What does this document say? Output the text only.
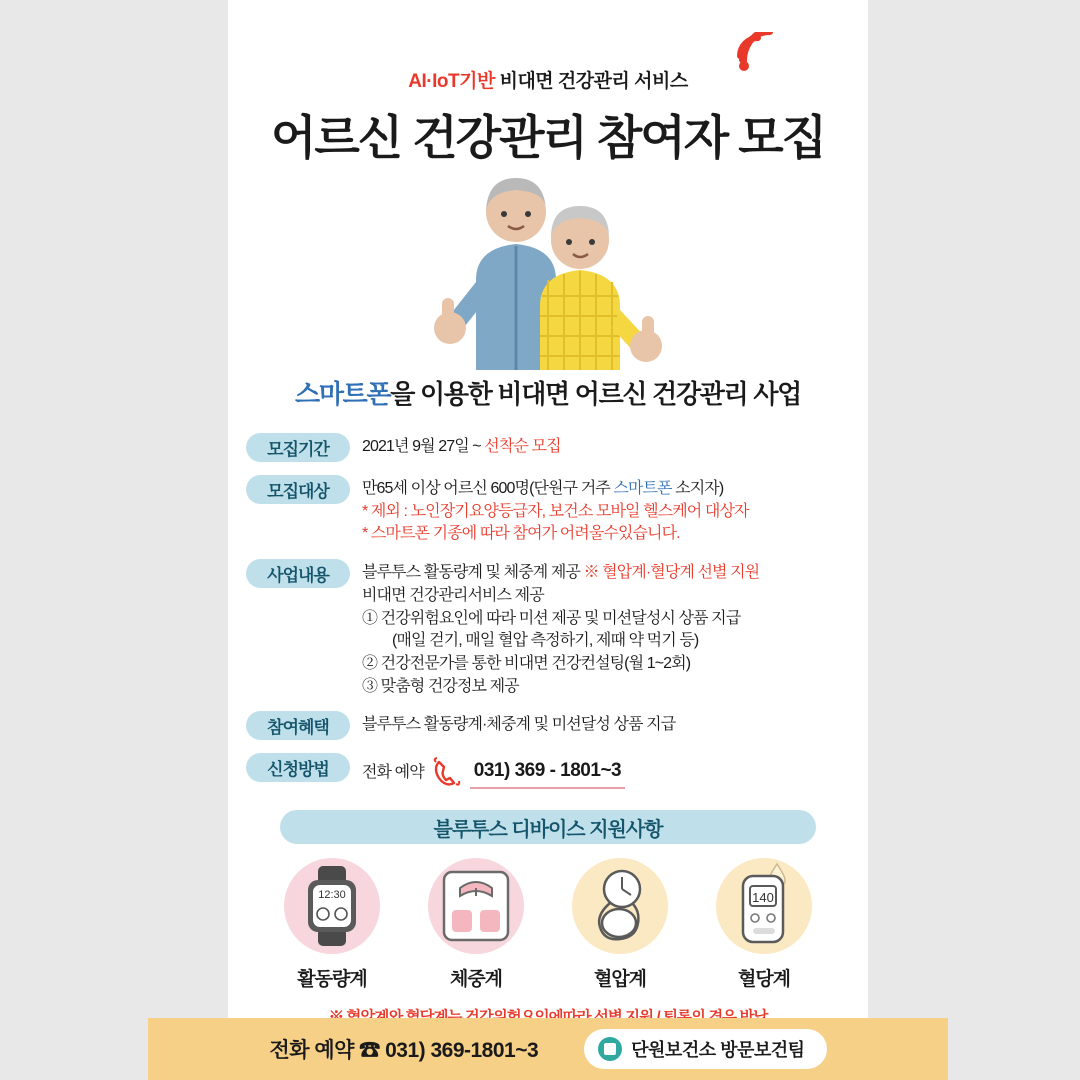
AI·IoT기반 비대면 건강관리 서비스
어르신 건강관리 참여자 모집
스마트폰을 이용한 비대면 어르신 건강관리 사업
모집기간	2021년 9월 27일 ~ 선착순 모집
모집대상	만65세 이상 어르신 600명(단원구 거주 스마트폰 소지자)
* 제외 : 노인장기요양등급자, 보건소 모바일 헬스케어 대상자
* 스마트폰 기종에 따라 참여가 어려울수있습니다.
사업내용	블루투스 활동량계 및 체중계 제공 ※ 혈압계·혈당계 선별 지원
비대면 건강관리서비스 제공
① 건강위험요인에 따라 미션 제공 및 미션달성시 상품 지급
(매일 걷기, 매일 혈압 측정하기, 제때 약 먹기 등)
② 건강전문가를 통한 비대면 건강컨설팅(월 1~2회)
③ 맞춤형 건강정보 제공
참여혜택	블루투스 활동량계·체중계 및 미션달성 상품 지급
신청방법	전화 예약	031) 369 - 1801~3
블루투스 디바이스 지원사항
12:30
활동량계	체중계	혈압계
140
혈당계
전화 예약 ☎ 031) 369-1801~3	단원보건소 방문보건팀
